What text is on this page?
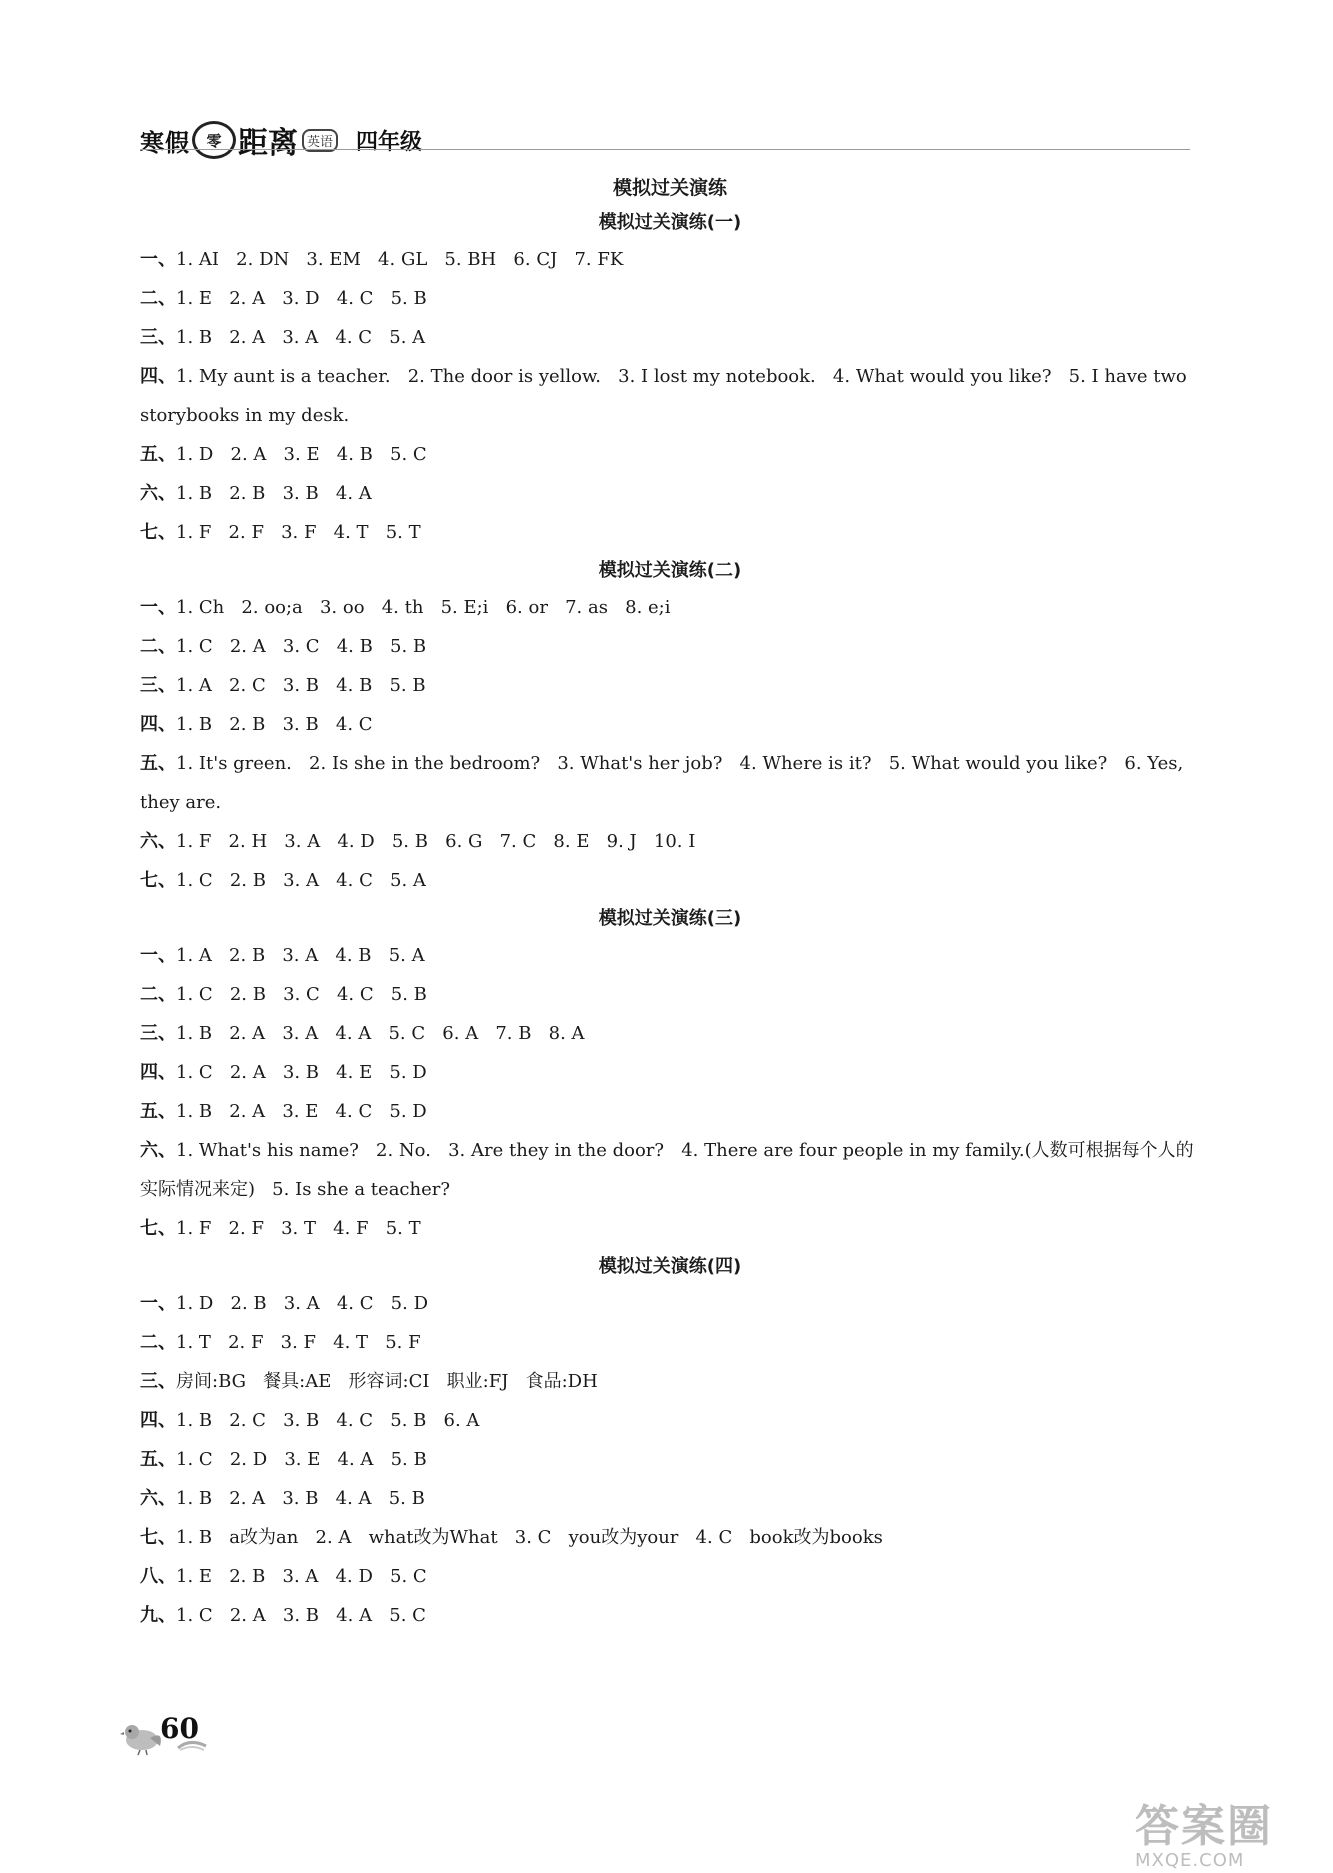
寒假	零 距离 英语 四年级
模拟过关演练
模拟过关演练(一)
一、1. AI   2. DN   3. EM   4. GL   5. BH   6. CJ   7. FK
二、1. E   2. A   3. D   4. C   5. B
三、1. B   2. A   3. A   4. C   5. A
四、1. My aunt is a teacher.   2. The door is yellow.   3. I lost my notebook.   4. What would you like?   5. I have two storybooks in my desk.
五、1. D   2. A   3. E   4. B   5. C
六、1. B   2. B   3. B   4. A
七、1. F   2. F   3. F   4. T   5. T
模拟过关演练(二)
一、1. Ch   2. oo;a   3. oo   4. th   5. E;i   6. or   7. as   8. e;i
二、1. C   2. A   3. C   4. B   5. B
三、1. A   2. C   3. B   4. B   5. B
四、1. B   2. B   3. B   4. C
五、1. It's green.   2. Is she in the bedroom?   3. What's her job?   4. Where is it?   5. What would you like?   6. Yes, they are.
六、1. F   2. H   3. A   4. D   5. B   6. G   7. C   8. E   9. J   10. I
七、1. C   2. B   3. A   4. C   5. A
模拟过关演练(三)
一、1. A   2. B   3. A   4. B   5. A
二、1. C   2. B   3. C   4. C   5. B
三、1. B   2. A   3. A   4. A   5. C   6. A   7. B   8. A
四、1. C   2. A   3. B   4. E   5. D
五、1. B   2. A   3. E   4. C   5. D
六、1. What's his name?   2. No.   3. Are they in the door?   4. There are four people in my family.(人数可根据每个人的实际情况来定)   5. Is she a teacher?
七、1. F   2. F   3. T   4. F   5. T
模拟过关演练(四)
一、1. D   2. B   3. A   4. C   5. D
二、1. T   2. F   3. F   4. T   5. F
三、房间:BG   餐具:AE   形容词:CI   职业:FJ   食品:DH
四、1. B   2. C   3. B   4. C   5. B   6. A
五、1. C   2. D   3. E   4. A   5. B
六、1. B   2. A   3. B   4. A   5. B
七、1. B   a改为an   2. A   what改为What   3. C   you改为your   4. C   book改为books
八、1. E   2. B   3. A   4. D   5. C
九、1. C   2. A   3. B   4. A   5. C
60
答案圈
MXQE.COM
